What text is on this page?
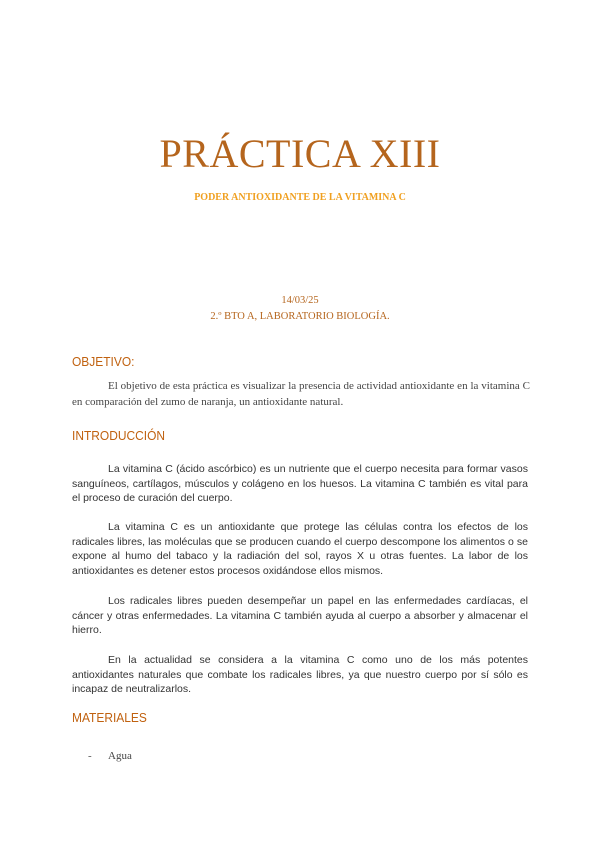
PRÁCTICA XIII

PODER ANTIOXIDANTE DE LA VITAMINA C

14/03/25

2.º BTO A, LABORATORIO BIOLOGÍA.

OBJETIVO:

El objetivo de esta práctica es visualizar la presencia de actividad antioxidante en la vitamina C en comparación del zumo de naranja, un antioxidante natural.

INTRODUCCIÓN

La vitamina C (ácido ascórbico) es un nutriente que el cuerpo necesita para formar vasos sanguíneos, cartílagos, músculos y colágeno en los huesos. La vitamina C también es vital para el proceso de curación del cuerpo.

La vitamina C es un antioxidante que protege las células contra los efectos de los radicales libres, las moléculas que se producen cuando el cuerpo descompone los alimentos o se expone al humo del tabaco y la radiación del sol, rayos X u otras fuentes. La labor de los antioxidantes es detener estos procesos oxidándose ellos mismos.

Los radicales libres pueden desempeñar un papel en las enfermedades cardíacas, el cáncer y otras enfermedades. La vitamina C también ayuda al cuerpo a absorber y almacenar el hierro.

En la actualidad se considera a la vitamina C como uno de los más potentes antioxidantes naturales que combate los radicales libres, ya que nuestro cuerpo por sí sólo es incapaz de neutralizarlos.

MATERIALES
- Agua
